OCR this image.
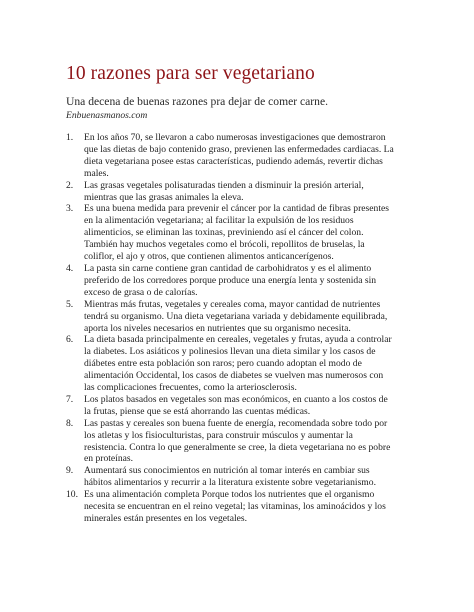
10 razones para ser vegetariano

Una decena de buenas razones pra dejar de comer carne.

Enbuenasmanos.com

1.	En los años 70, se llevaron a cabo numerosas investigaciones que demostraron que las dietas de bajo contenido graso, previenen las enfermedades cardiacas. La dieta vegetariana posee estas características, pudiendo además, revertir dichas males.
2.	Las grasas vegetales polisaturadas tienden a disminuir la presión arterial, mientras que las grasas animales la eleva.
3.	Es una buena medida para prevenir el cáncer por la cantidad de fibras presentes en la alimentación vegetariana; al facilitar la expulsión de los residuos alimenticios, se eliminan las toxinas, previniendo así el cáncer del colon. También hay muchos vegetales como el brócoli, repollitos de bruselas, la coliflor, el ajo y otros, que contienen alimentos anticancerígenos.
4.	La pasta sin carne contiene gran cantidad de carbohidratos y es el alimento preferido de los corredores porque produce una energía lenta y sostenida sin exceso de grasa o de calorías.
5.	Mientras más frutas, vegetales y cereales coma, mayor cantidad de nutrientes tendrá su organismo. Una dieta vegetariana variada y debidamente equilibrada, aporta los niveles necesarios en nutrientes que su organismo necesita.
6.	La dieta basada principalmente en cereales, vegetales y frutas, ayuda a controlar la diabetes. Los asiáticos y polinesios llevan una dieta similar y los casos de diábetes entre esta población son raros; pero cuando adoptan el modo de alimentación Occidental, los casos de diabetes se vuelven mas numerosos con las complicaciones frecuentes, como la arteriosclerosis.
7.	Los platos basados en vegetales son mas económicos, en cuanto a los costos de la frutas, piense que se está ahorrando las cuentas médicas.
8.	Las pastas y cereales son buena fuente de energía, recomendada sobre todo por los atletas y los fisioculturistas, para construir músculos y aumentar la resistencia. Contra lo que generalmente se cree, la dieta vegetariana no es pobre en proteínas.
9.	Aumentará sus conocimientos en nutrición al tomar interés en cambiar sus hábitos alimentarios y recurrir a la literatura existente sobre vegetarianismo.
10. Es una alimentación completa Porque todos los nutrientes que el organismo necesita se encuentran en el reino vegetal; las vitaminas, los aminoácidos y los minerales están presentes en los vegetales.
